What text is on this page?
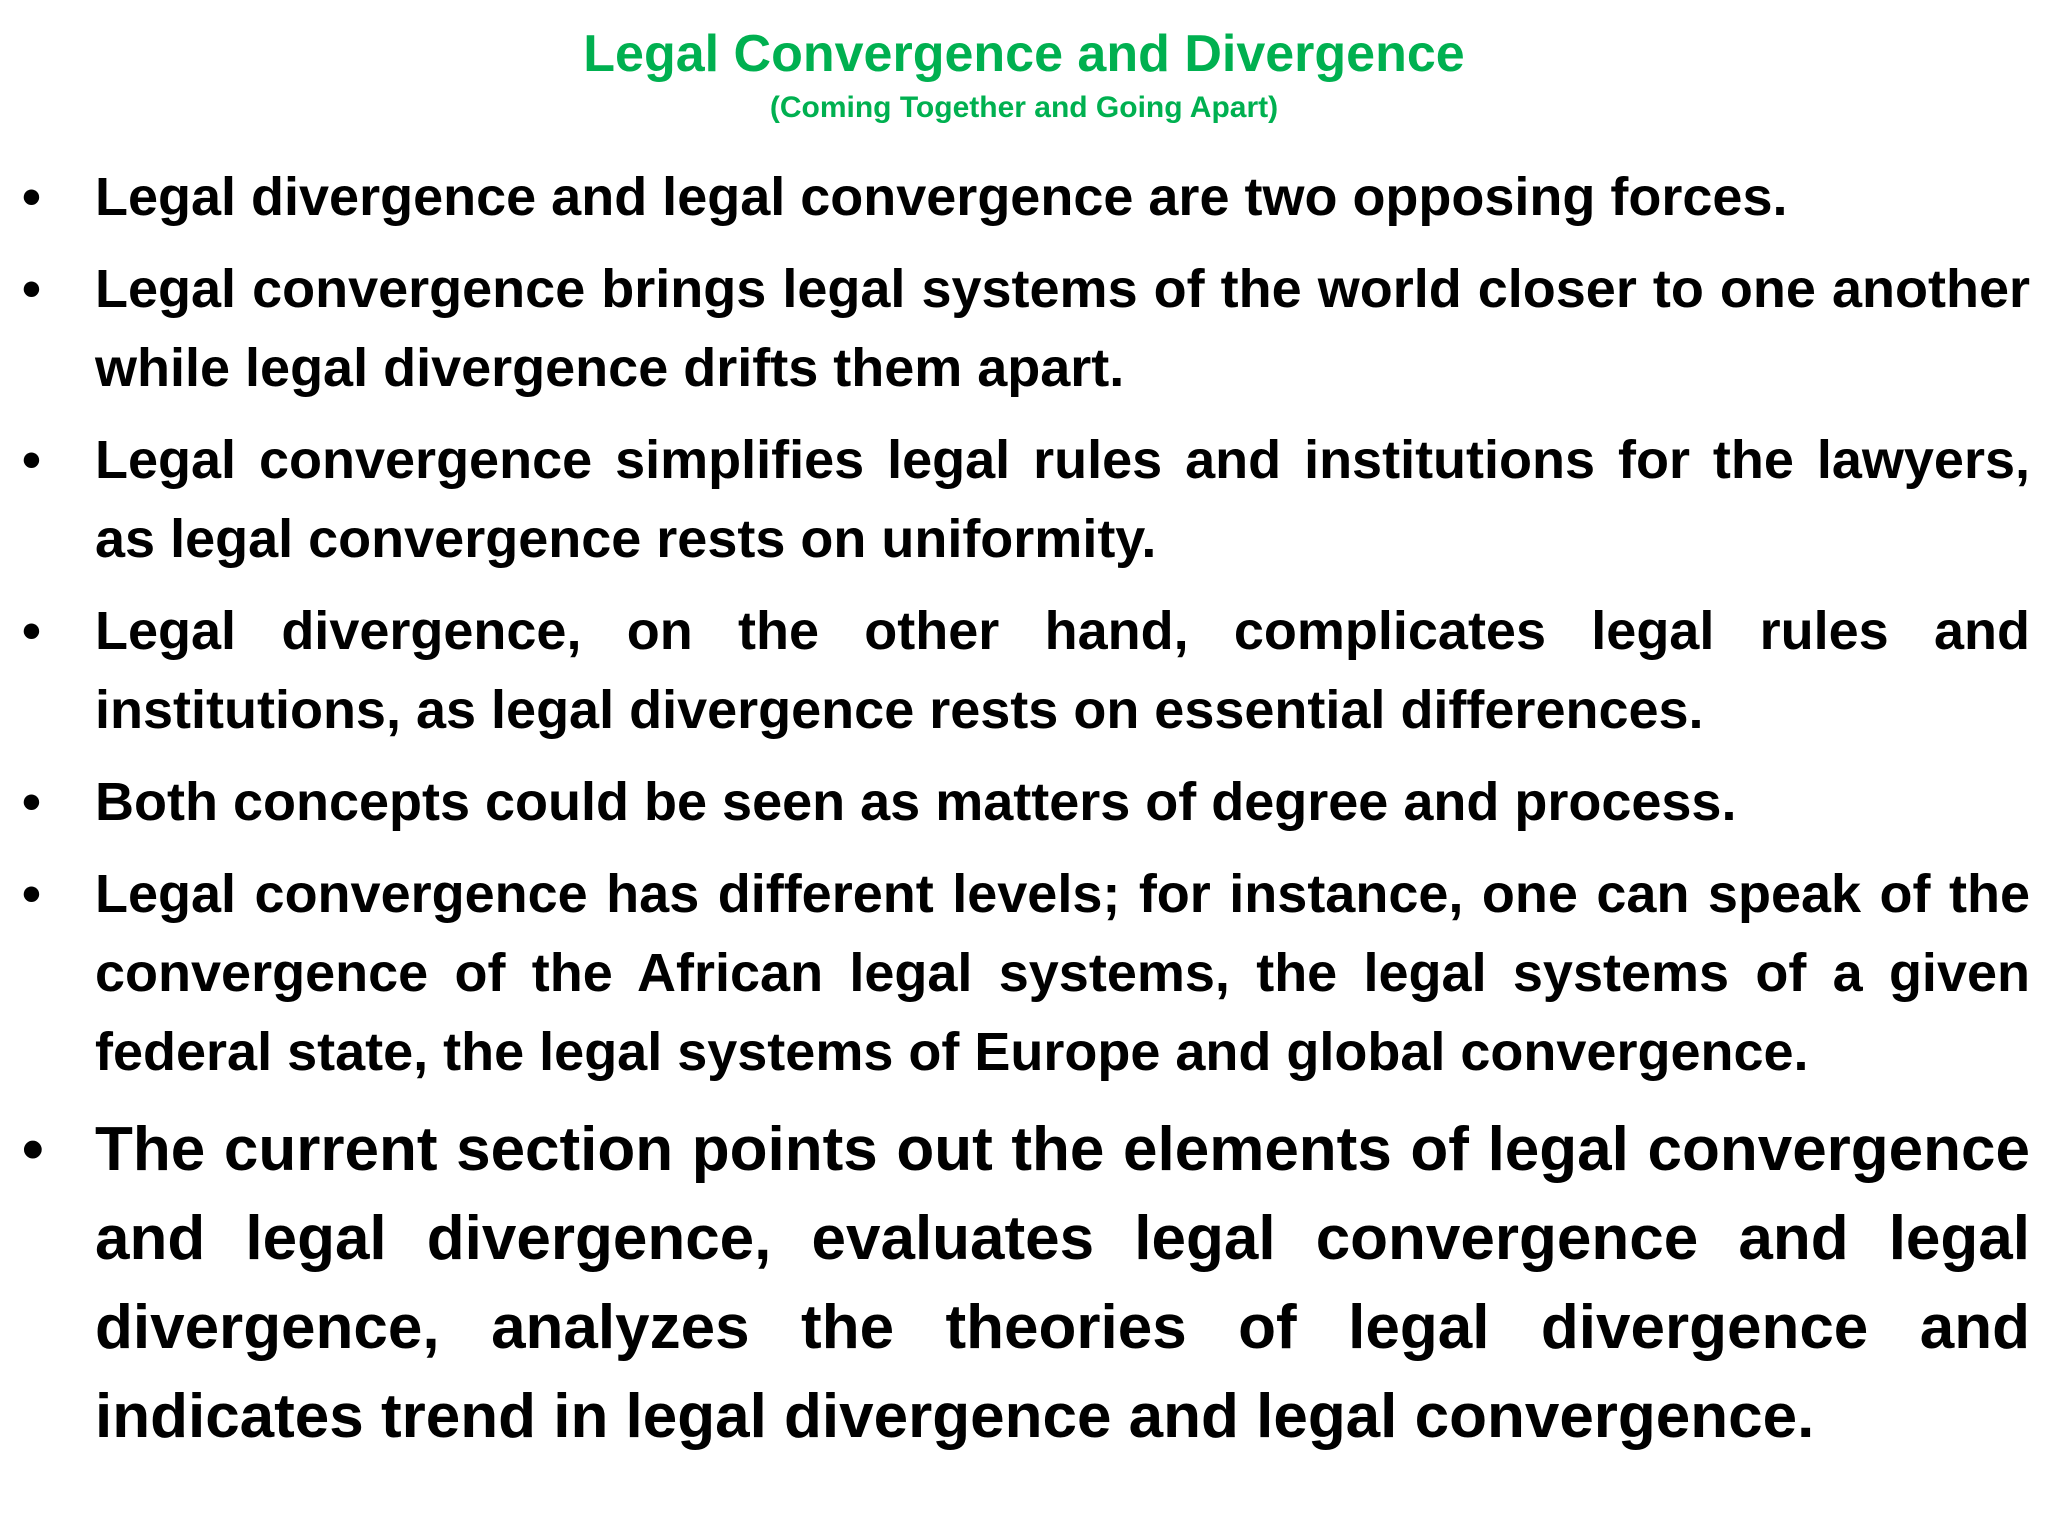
Legal Convergence and Divergence
(Coming Together and Going Apart)
•	Legal divergence and legal convergence are two opposing forces.
•	Legal convergence brings legal systems of the world closer to one another while legal divergence drifts them apart.
•	Legal convergence simplifies legal rules and institutions for the lawyers, as legal convergence rests on uniformity.
•	Legal divergence, on the other hand, complicates legal rules and institutions, as legal divergence rests on essential differences.
•	Both concepts could be seen as matters of degree and process.
•	Legal convergence has different levels; for instance, one can speak of the convergence of the African legal systems, the legal systems of a given federal state, the legal systems of Europe and global convergence.
• The current section points out the elements of legal convergence and legal divergence, evaluates legal convergence and legal divergence, analyzes the theories of legal divergence and indicates trend in legal divergence and legal convergence.
